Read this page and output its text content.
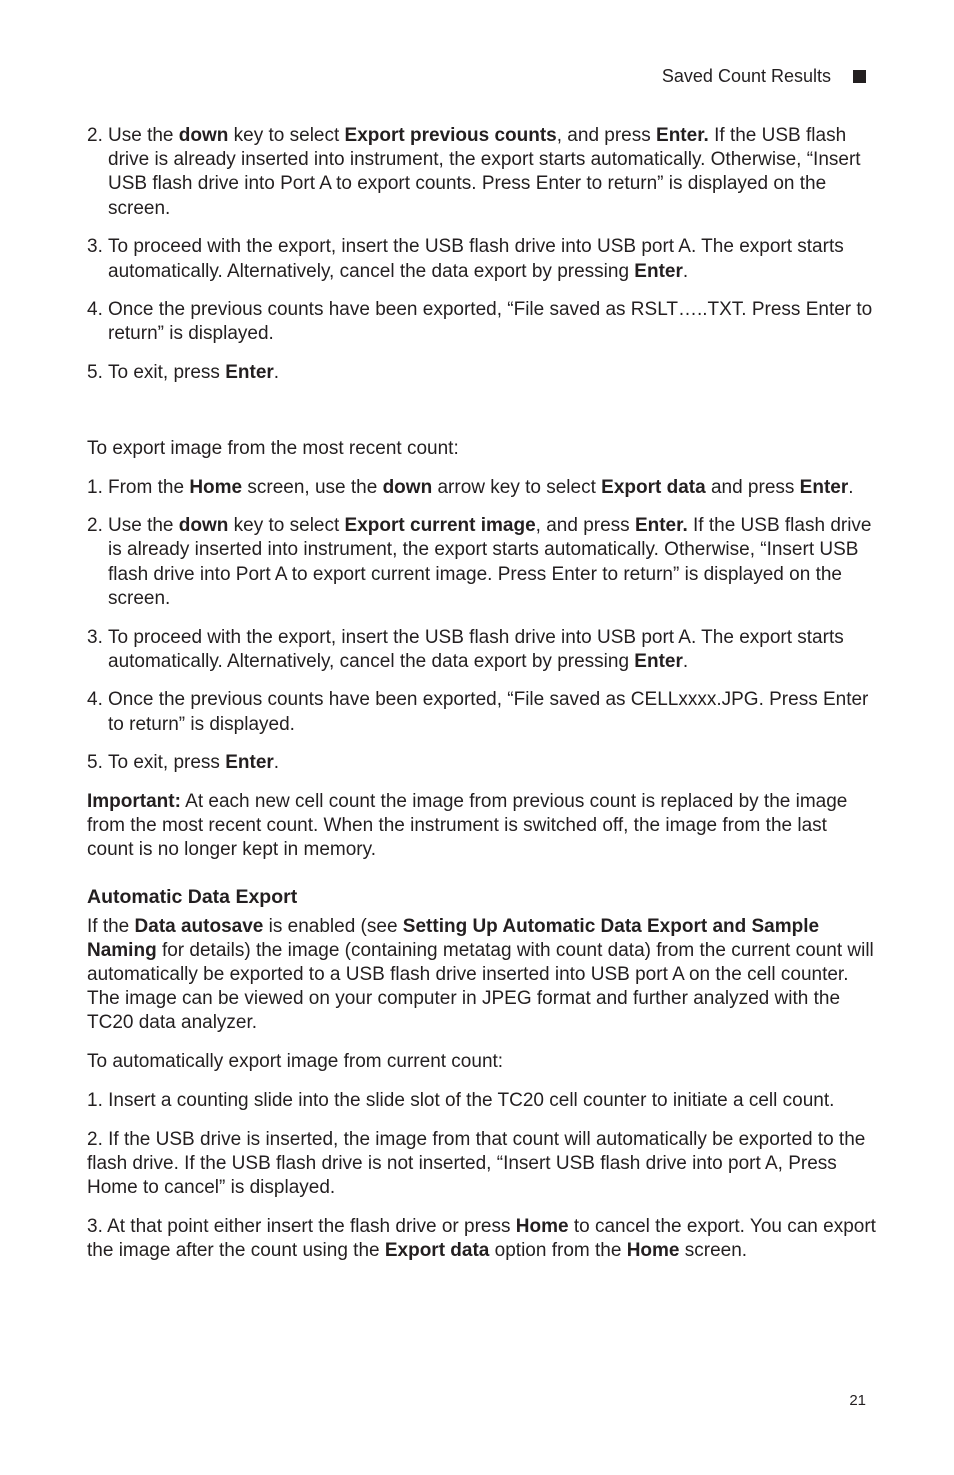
Saved Count Results
2. Use the down key to select Export previous counts, and press Enter. If the USB flash drive is already inserted into instrument, the export starts automatically. Otherwise, “Insert USB flash drive into Port A to export counts. Press Enter to return” is displayed on the screen.
3. To proceed with the export, insert the USB flash drive into USB port A. The export starts automatically. Alternatively, cancel the data export by pressing Enter.
4. Once the previous counts have been exported, “File saved as RSLT…..TXT. Press Enter to return” is displayed.
5. To exit, press Enter.

To export image from the most recent count:

1. From the Home screen, use the down arrow key to select Export data and press Enter.
2. Use the down key to select Export current image, and press Enter. If the USB flash drive is already inserted into instrument, the export starts automatically. Otherwise, “Insert USB flash drive into Port A to export current image. Press Enter to return” is displayed on the screen.
3. To proceed with the export, insert the USB flash drive into USB port A. The export starts automatically. Alternatively, cancel the data export by pressing Enter.
4. Once the previous counts have been exported, “File saved as CELLxxxx.JPG. Press Enter to return” is displayed.
5. To exit, press Enter.

Important: At each new cell count the image from previous count is replaced by the image from the most recent count. When the instrument is switched off, the image from the last count is no longer kept in memory.

Automatic Data Export

If the Data autosave is enabled (see Setting Up Automatic Data Export and Sample Naming for details) the image (containing metatag with count data) from the current count will automatically be exported to a USB flash drive inserted into USB port A on the cell counter. The image can be viewed on your computer in JPEG format and further analyzed with the TC20 data analyzer.

To automatically export image from current count:

1. Insert a counting slide into the slide slot of the TC20 cell counter to initiate a cell count.

2. If the USB drive is inserted, the image from that count will automatically be exported to the flash drive. If the USB flash drive is not inserted, “Insert USB flash drive into port A, Press Home to cancel” is displayed.

3. At that point either insert the flash drive or press Home to cancel the export. You can export the image after the count using the Export data option from the Home screen.

21
